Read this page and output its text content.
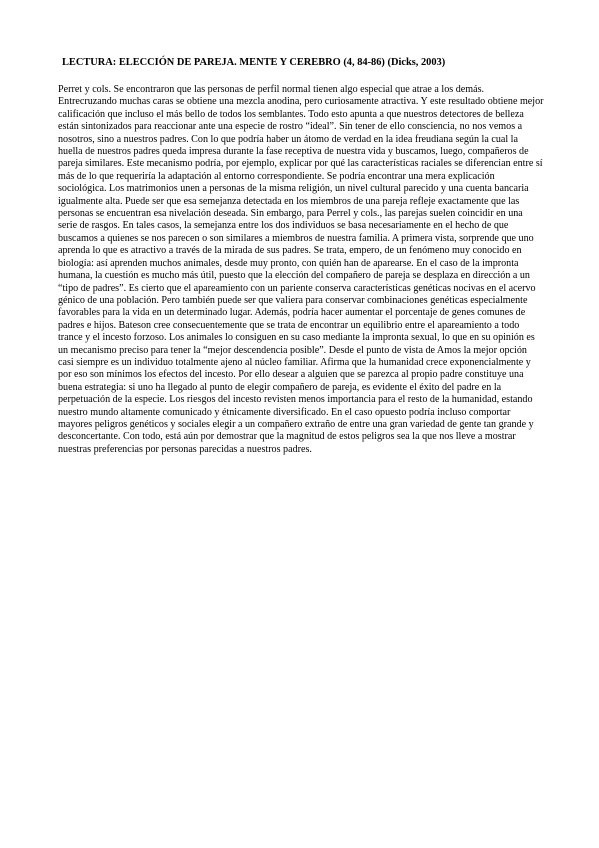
LECTURA: ELECCIÓN DE PAREJA. MENTE Y CEREBRO (4, 84-86) (Dicks, 2003)

Perret y cols. Se encontraron que las personas de perfil normal tienen algo especial que atrae a los demás. Entrecruzando muchas caras se obtiene una mezcla anodina, pero curiosamente atractiva. Y este resultado obtiene mejor calificación que incluso el más bello de todos los semblantes. Todo esto apunta a que nuestros detectores de belleza están sintonizados para reaccionar ante una especie de rostro “ideal”. Sin tener de ello consciencia, no nos vemos a nosotros, sino a nuestros padres. Con lo que podría haber un átomo de verdad en la idea freudiana según la cual la huella de nuestros padres queda impresa durante la fase receptiva de nuestra vida y buscamos, luego, compañeros de pareja similares. Este mecanismo podría, por ejemplo, explicar por qué las características raciales se diferencian entre sí más de lo que requeriría la adaptación al entorno correspondiente. Se podría encontrar una mera explicación sociológica. Los matrimonios unen a personas de la misma religión, un nivel cultural parecido y una cuenta bancaria igualmente alta. Puede ser que esa semejanza detectada en los miembros de una pareja refleje exactamente que las personas se encuentran esa nivelación deseada. Sin embargo, para Perrel y cols., las parejas suelen coincidir en una serie de rasgos. En tales casos, la semejanza entre los dos individuos se basa necesariamente en el hecho de que buscamos a quienes se nos parecen o son similares a miembros de nuestra familia. A primera vista, sorprende que uno aprenda lo que es atractivo a través de la mirada de sus padres. Se trata, empero, de un fenómeno muy conocido en biología: así aprenden muchos animales, desde muy pronto, con quién han de aparearse. En el caso de la impronta humana, la cuestión es mucho más útil, puesto que la elección del compañero de pareja se desplaza en dirección a un “tipo de padres”. Es cierto que el apareamiento con un pariente conserva características genéticas nocivas en el acervo génico de una población. Pero también puede ser que valiera para conservar combinaciones genéticas especialmente favorables para la vida en un determinado lugar. Además, podría hacer aumentar el porcentaje de genes comunes de padres e hijos. Bateson cree consecuentemente que se trata de encontrar un equilibrio entre el apareamiento a todo trance y el incesto forzoso. Los animales lo consiguen en su caso mediante la impronta sexual, lo que en su opinión es un mecanismo preciso para tener la “mejor descendencia posible”. Desde el punto de vista de Amos la mejor opción casi siempre es un individuo totalmente ajeno al núcleo familiar. Afirma que la humanidad crece exponencialmente y por eso son mínimos los efectos del incesto. Por ello desear a alguien que se parezca al propio padre constituye una buena estrategia: si uno ha llegado al punto de elegir compañero de pareja, es evidente el éxito del padre en la perpetuación de la especie. Los riesgos del incesto revisten menos importancia para el resto de la humanidad, estando nuestro mundo altamente comunicado y étnicamente diversificado. En el caso opuesto podría incluso comportar mayores peligros genéticos y sociales elegir a un compañero extraño de entre una gran variedad de gente tan grande y desconcertante. Con todo, está aún por demostrar que la magnitud de estos peligros sea la que nos lleve a mostrar nuestras preferencias por personas parecidas a nuestros padres.
